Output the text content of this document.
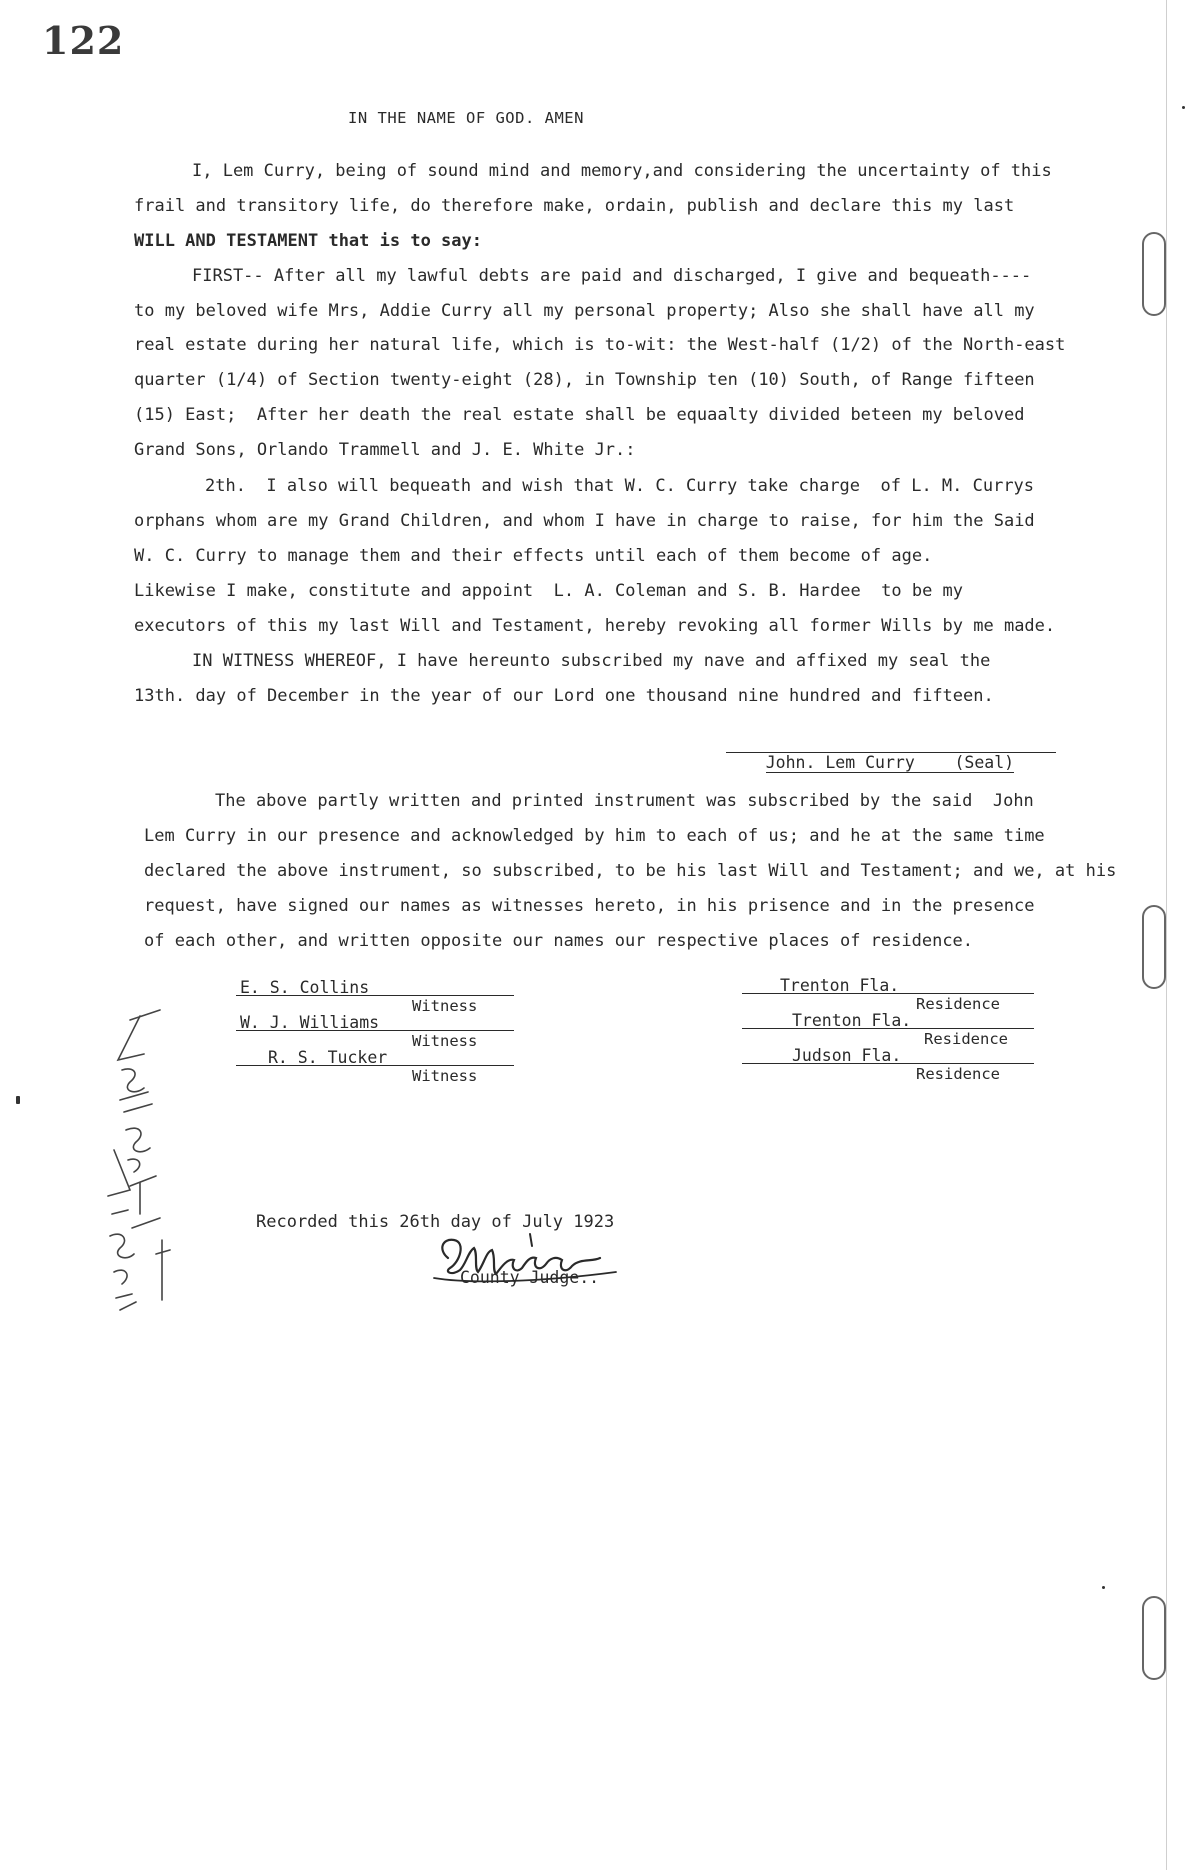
122
IN THE NAME OF GOD. AMEN
I, Lem Curry, being of sound mind and memory,and considering the uncertainty of this
frail and transitory life, do therefore make, ordain, publish and declare this my last
WILL AND TESTAMENT that is to say:
FIRST-- After all my lawful debts are paid and discharged, I give and bequeath----
to my beloved wife Mrs, Addie Curry all my personal property; Also she shall have all my
real estate during her natural life, which is to-wit: the West-half (1/2) of the North-east
quarter (1/4) of Section twenty-eight (28), in Township ten (10) South, of Range fifteen
(15) East;  After her death the real estate shall be equaalty divided beteen my beloved
Grand Sons, Orlando Trammell and J. E. White Jr.:
2th.  I also will bequeath and wish that W. C. Curry take charge  of L. M. Currys
orphans whom are my Grand Children, and whom I have in charge to raise, for him the Said
W. C. Curry to manage them and their effects until each of them become of age.
Likewise I make, constitute and appoint  L. A. Coleman and S. B. Hardee  to be my
executors of this my last Will and Testament, hereby revoking all former Wills by me made.
IN WITNESS WHEREOF, I have hereunto subscribed my nave and affixed my seal the
13th. day of December in the year of our Lord one thousand nine hundred and fifteen.

John. Lem Curry    (Seal)

The above partly written and printed instrument was subscribed by the said  John
Lem Curry in our presence and acknowledged by him to each of us; and he at the same time
declared the above instrument, so subscribed, to be his last Will and Testament; and we, at his
request, have signed our names as witnesses hereto, in his prisence and in the presence
of each other, and written opposite our names our respective places of residence.
E. S. Collins
Witness
W. J. Williams
Witness
R. S. Tucker
Witness
Trenton Fla.
Residence
Trenton Fla.
Residence
Judson Fla.
Residence
Recorded this 26th day of July 1923
County Judge..
